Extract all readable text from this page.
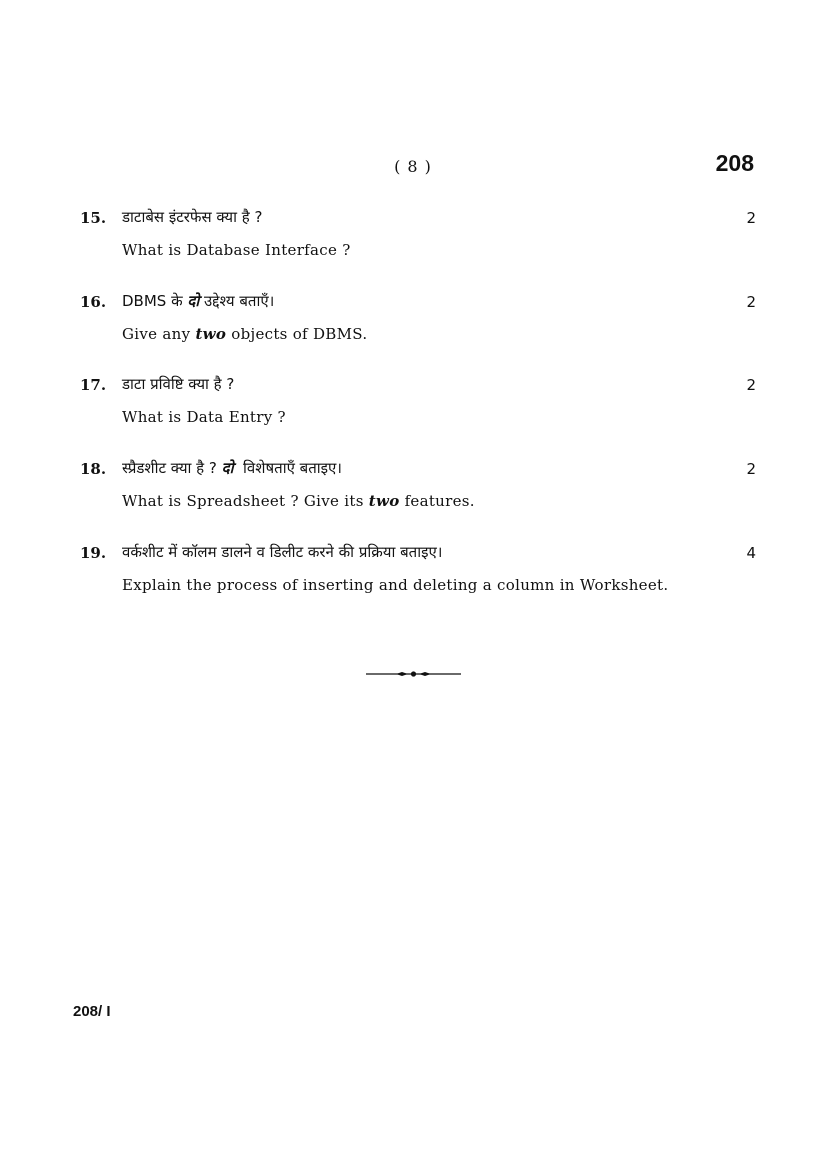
( 8 )	208
15. डाटाबेस इंटरफेस क्या है ?
What is Database Interface ?
2
16. DBMS के दो उद्देश्य बताएँ।
Give any two objects of DBMS.
2
17. डाटा प्रविष्टि क्या है ?
What is Data Entry ?
2
18. स्प्रैडशीट क्या है ? दो  विशेषताएँ बताइए।
What is Spreadsheet ? Give its two features.
2
19. वर्कशीट में कॉलम डालने व डिलीट करने की प्रक्रिया बताइए।
Explain the process of inserting and deleting a column in Worksheet.
4
208/ I
